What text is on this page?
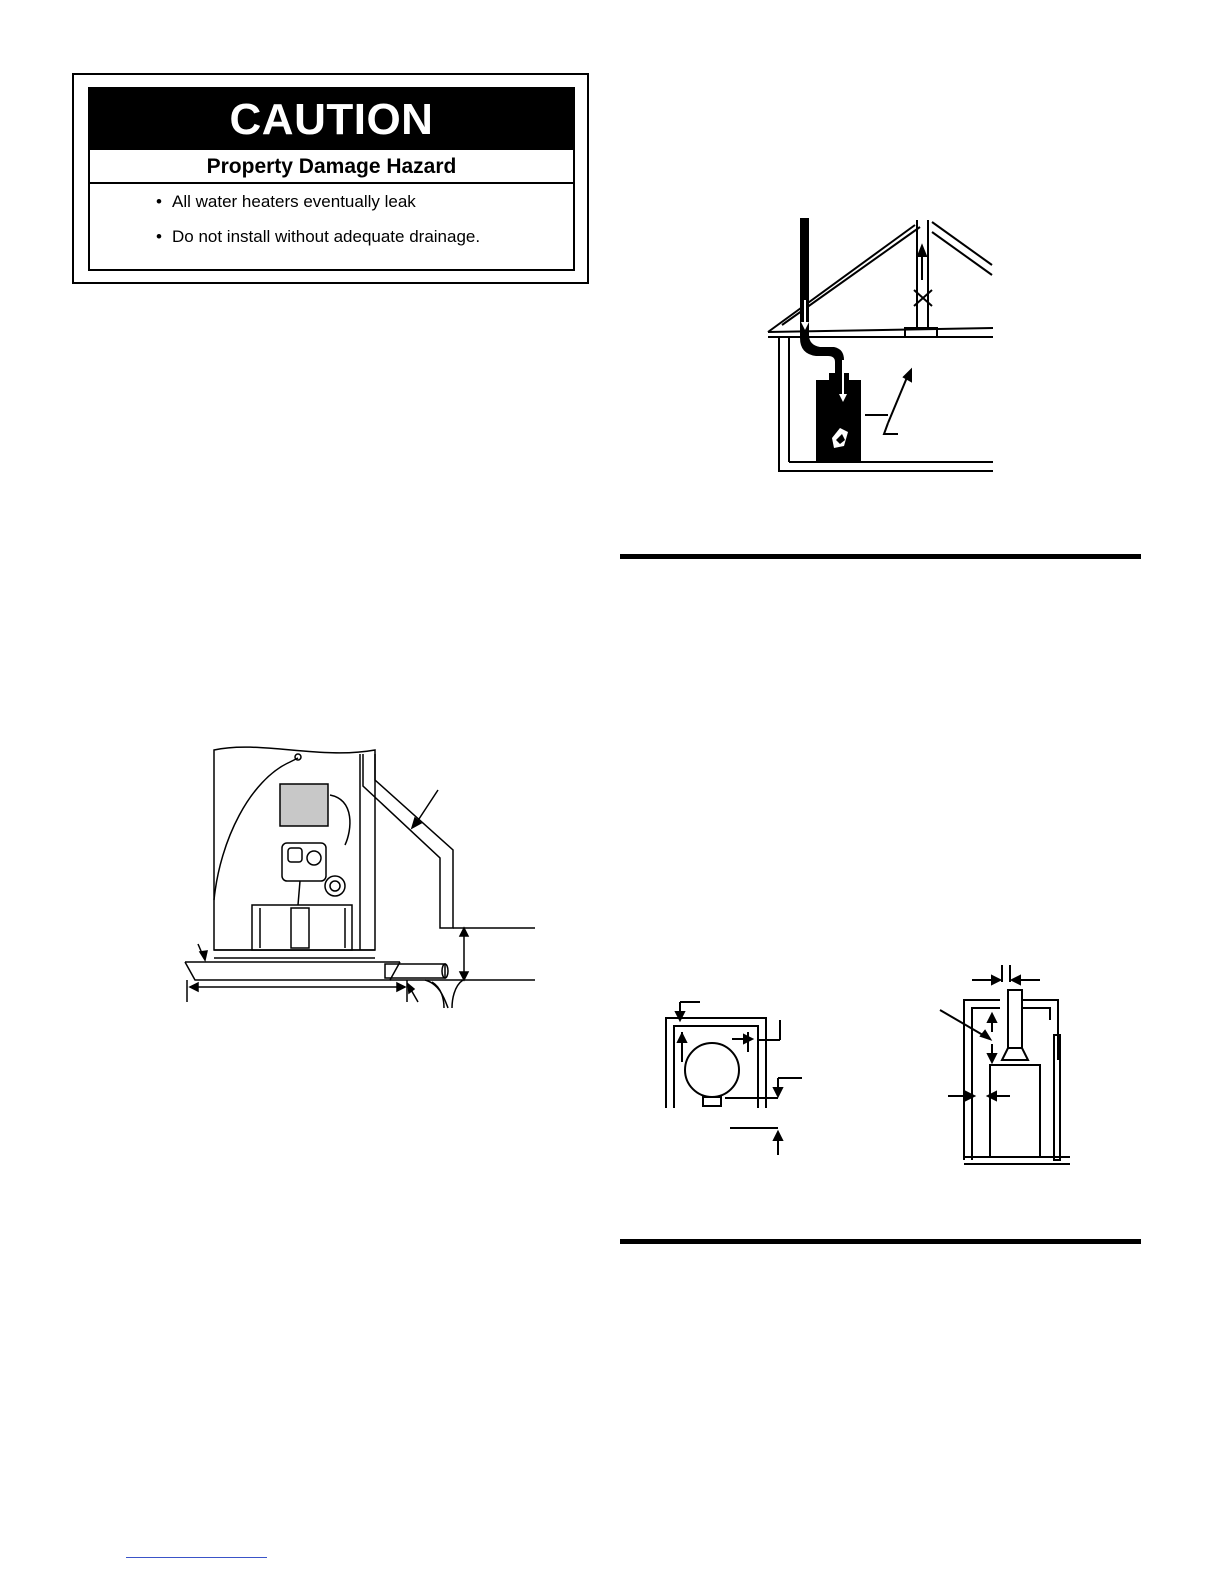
CAUTION
Property Damage Hazard
• All water heaters eventually leak
• Do not install without adequate drainage.
